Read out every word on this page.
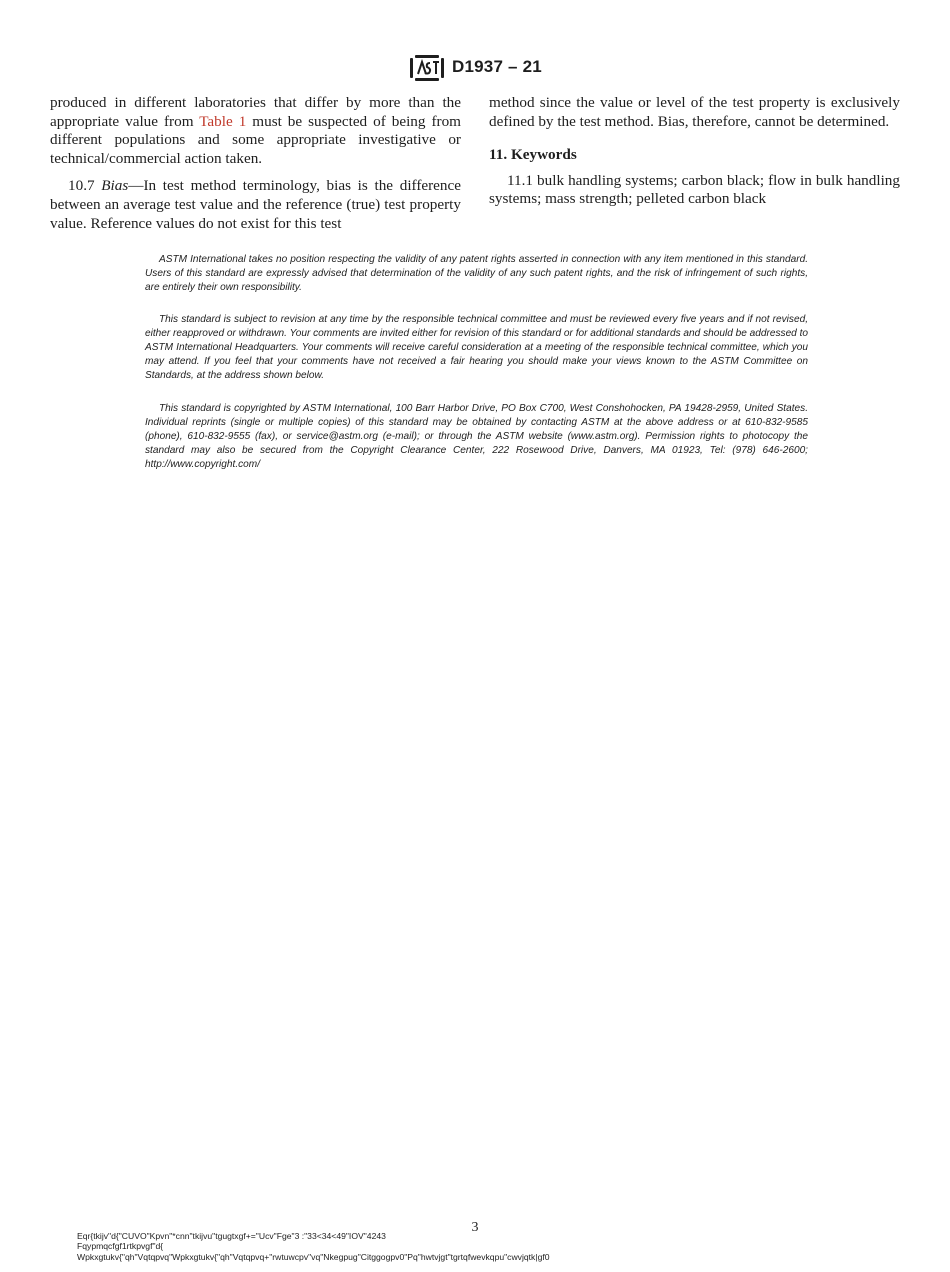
D1937 – 21

produced in different laboratories that differ by more than the appropriate value from Table 1 must be suspected of being from different populations and some appropriate investigative or technical/commercial action taken.

10.7 Bias—In test method terminology, bias is the difference between an average test value and the reference (true) test property value. Reference values do not exist for this test

method since the value or level of the test property is exclusively defined by the test method. Bias, therefore, cannot be determined.

11. Keywords

11.1 bulk handling systems; carbon black; flow in bulk handling systems; mass strength; pelleted carbon black

ASTM International takes no position respecting the validity of any patent rights asserted in connection with any item mentioned in this standard. Users of this standard are expressly advised that determination of the validity of any such patent rights, and the risk of infringement of such rights, are entirely their own responsibility.

This standard is subject to revision at any time by the responsible technical committee and must be reviewed every five years and if not revised, either reapproved or withdrawn. Your comments are invited either for revision of this standard or for additional standards and should be addressed to ASTM International Headquarters. Your comments will receive careful consideration at a meeting of the responsible technical committee, which you may attend. If you feel that your comments have not received a fair hearing you should make your views known to the ASTM Committee on Standards, at the address shown below.

This standard is copyrighted by ASTM International, 100 Barr Harbor Drive, PO Box C700, West Conshohocken, PA 19428-2959, United States. Individual reprints (single or multiple copies) of this standard may be obtained by contacting ASTM at the above address or at 610-832-9585 (phone), 610-832-9555 (fax), or service@astm.org (e-mail); or through the ASTM website (www.astm.org). Permission rights to photocopy the standard may also be secured from the Copyright Clearance Center, 222 Rosewood Drive, Danvers, MA 01923, Tel: (978) 646-2600; http://www.copyright.com/

3
Eqr{tkijv"d{"CUVO"Kpvn"*cnn"tkijvu"tgugtxgf+="Ucv"Fge"3 :"33<34<49"IOV"4243
Fqypmqcfgf1rtkpvgf"d{
Wpkxgtukv{"qh"Vqtqpvq"Wpkxgtukv{"qh"Vqtqpvq+"rwtuwcpv"vq"Nkegpug"Citggogpv0"Pq"hwtvjgt"tgrtqfwevkqpu"cwvjqtk|gf0
